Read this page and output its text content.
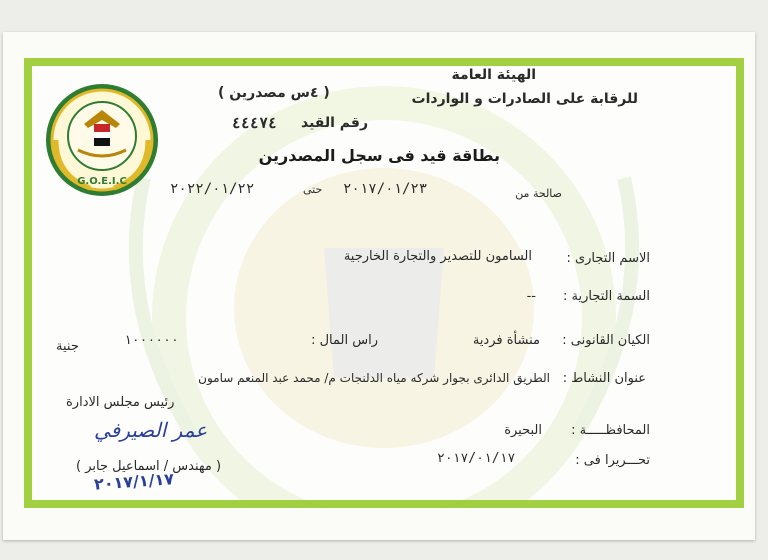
G.O.E.I.C
الهيئة العامة
للرقابة على الصادرات و الواردات
( ٤س مصدرين )
رقم القيد
٤٤٤٧٤
بطاقة قيد فى سجل المصدرين
صالحة من
٢٠١٧/٠١/٢٣
حتى
٢٠٢٢/٠١/٢٢
الاسم التجارى :
السامون للتصدير والتجارة الخارجية
السمة التجارية :
--
الكيان القانونى :
منشأة فردية
راس المال :
١٠٠٠٠٠٠
جنية
عنوان النشاط :
الطريق الدائرى بجوار شركه مياه الدلنجات م/ محمد عبد المنعم سامون
رئيس مجلس الادارة
عمر الصيرفي
( مهندس / اسماعيل جابر )
٢٠١٧/١/١٧
المحافظـــــة :
البحيرة
تحـــريرا فى :
٢٠١٧/٠١/١٧
